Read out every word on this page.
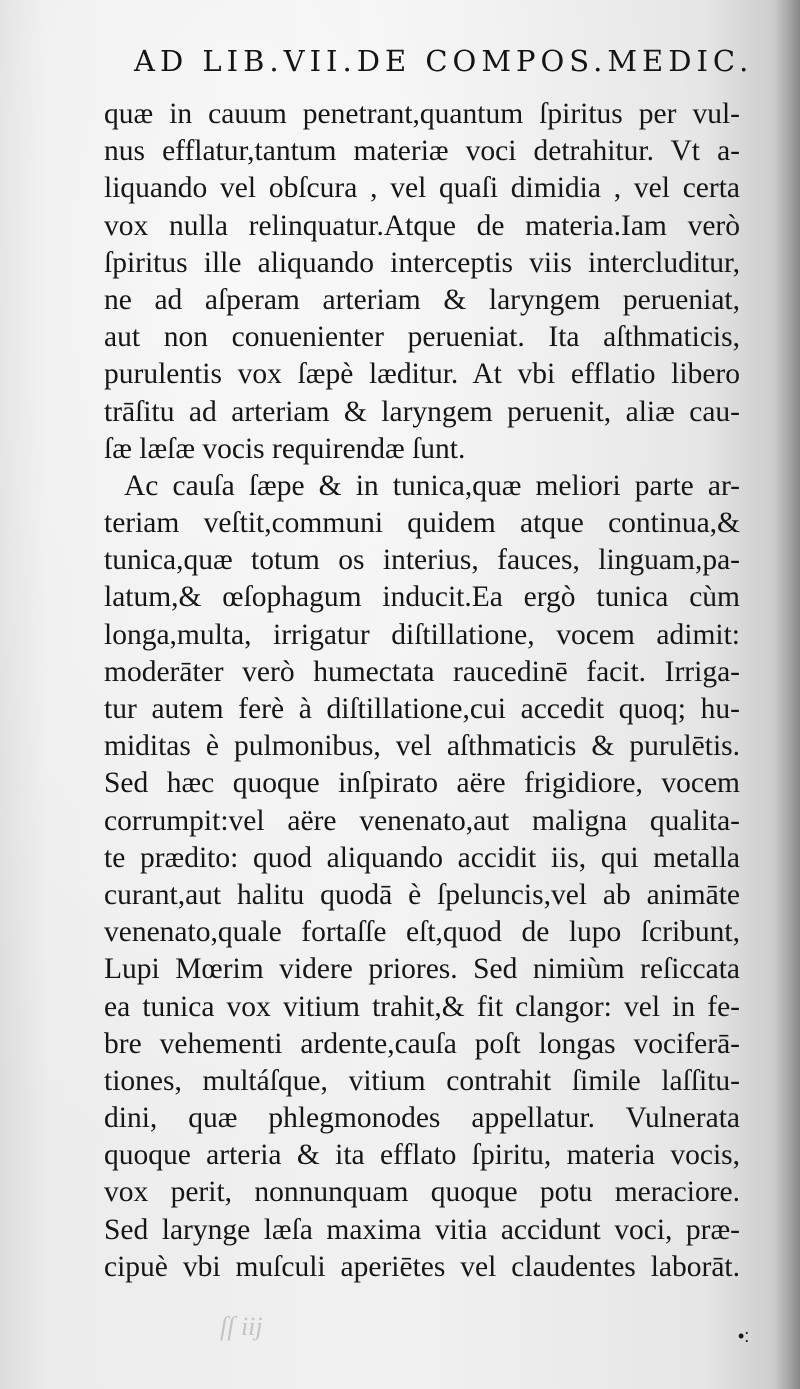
AD LIB.VII.DE COMPOS.MEDIC.
quæ in cauum penetrant,quantum ſpiritus per vul-
nus efflatur,tantum materiæ voci detrahitur. Vt a-
liquando vel obſcura , vel quaſi dimidia , vel certa
vox nulla relinquatur.Atque de materia.Iam verò
ſpiritus ille aliquando interceptis viis intercluditur,
ne ad aſperam arteriam & laryngem perueniat,
aut non conuenienter perueniat. Ita aſthmaticis,
purulentis vox ſæpè læditur. At vbi efflatio libero
trāſitu ad arteriam & laryngem peruenit, aliæ cau-
ſæ læſæ vocis requirendæ ſunt.
Ac cauſa ſæpe & in tunica,quæ meliori parte ar-
teriam veſtit,communi quidem atque continua,&
tunica,quæ totum os interius, fauces, linguam,pa-
latum,& œſophagum inducit.Ea ergò tunica cùm
longa,multa, irrigatur diſtillatione, vocem adimit:
moderāter verò humectata raucedinē facit. Irriga-
tur autem ferè à diſtillatione,cui accedit quoq; hu-
miditas è pulmonibus, vel aſthmaticis & purulētis.
Sed hæc quoque inſpirato aëre frigidiore, vocem
corrumpit:vel aëre venenato,aut maligna qualita-
te prædito: quod aliquando accidit iis, qui metalla
curant,aut halitu quodā è ſpeluncis,vel ab animāte
venenato,quale fortaſſe eſt,quod de lupo ſcribunt,
Lupi Mœrim videre priores. Sed nimiùm reſiccata
ea tunica vox vitium trahit,& fit clangor: vel in fe-
bre vehementi ardente,cauſa poſt longas vociferā-
tiones, multáſque, vitium contrahit ſimile laſſitu-
dini, quæ phlegmonodes appellatur. Vulnerata
quoque arteria & ita efflato ſpiritu, materia vocis,
vox perit, nonnunquam quoque potu meraciore.
Sed larynge læſa maxima vitia accidunt voci, præ-
cipuè vbi muſculi aperiētes vel claudentes laborāt.
ſſ iij	•:
